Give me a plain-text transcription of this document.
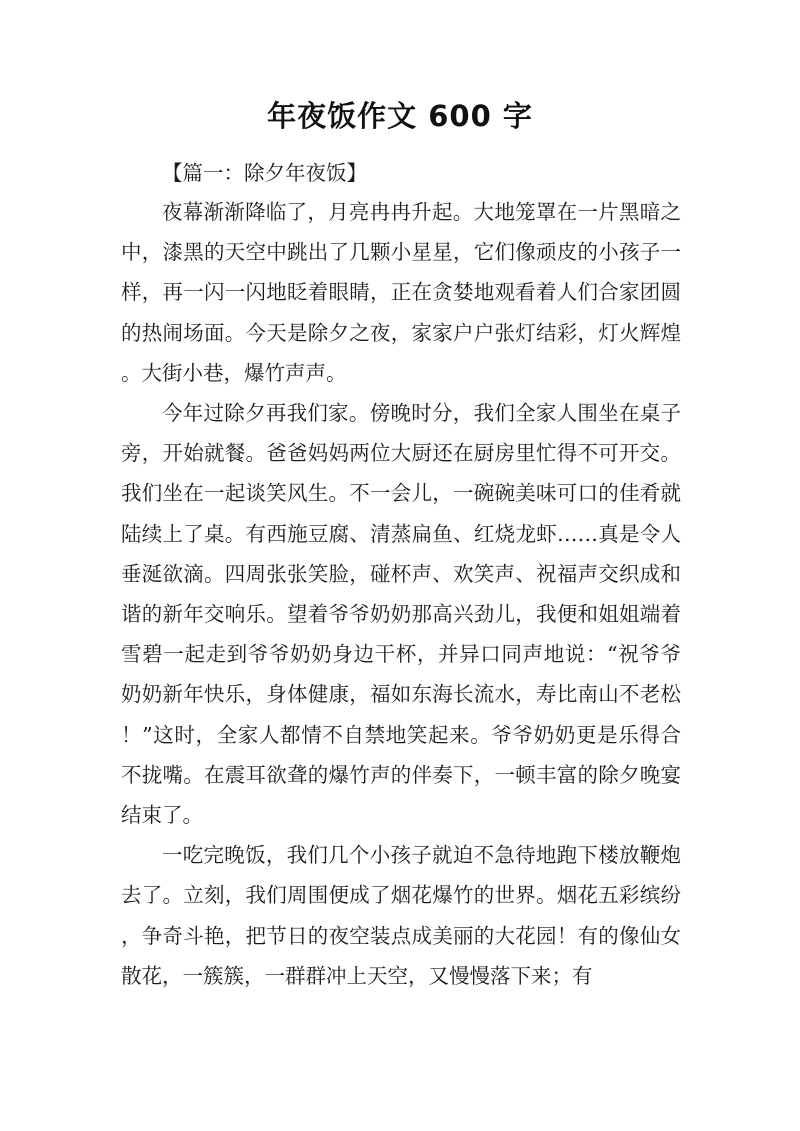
年夜饭作文 600 字
【篇一：除夕年夜饭】

夜幕渐渐降临了，月亮冉冉升起。大地笼罩在一片黑暗之中，漆黑的天空中跳出了几颗小星星，它们像顽皮的小孩子一样，再一闪一闪地眨着眼睛，正在贪婪地观看着人们合家团圆的热闹场面。今天是除夕之夜，家家户户张灯结彩，灯火辉煌。大街小巷，爆竹声声。

今年过除夕再我们家。傍晚时分，我们全家人围坐在桌子旁，开始就餐。爸爸妈妈两位大厨还在厨房里忙得不可开交。我们坐在一起谈笑风生。不一会儿，一碗碗美味可口的佳肴就陆续上了桌。有西施豆腐、清蒸扁鱼、红烧龙虾……真是令人垂涎欲滴。四周张张笑脸，碰杯声、欢笑声、祝福声交织成和谐的新年交响乐。望着爷爷奶奶那高兴劲儿，我便和姐姐端着雪碧一起走到爷爷奶奶身边干杯，并异口同声地说：“祝爷爷奶奶新年快乐，身体健康，福如东海长流水，寿比南山不老松！”这时，全家人都情不自禁地笑起来。爷爷奶奶更是乐得合不拢嘴。在震耳欲聋的爆竹声的伴奏下，一顿丰富的除夕晚宴结束了。

一吃完晚饭，我们几个小孩子就迫不急待地跑下楼放鞭炮去了。立刻，我们周围便成了烟花爆竹的世界。烟花五彩缤纷，争奇斗艳，把节日的夜空装点成美丽的大花园！有的像仙女散花，一簇簇，一群群冲上天空，又慢慢落下来；有
